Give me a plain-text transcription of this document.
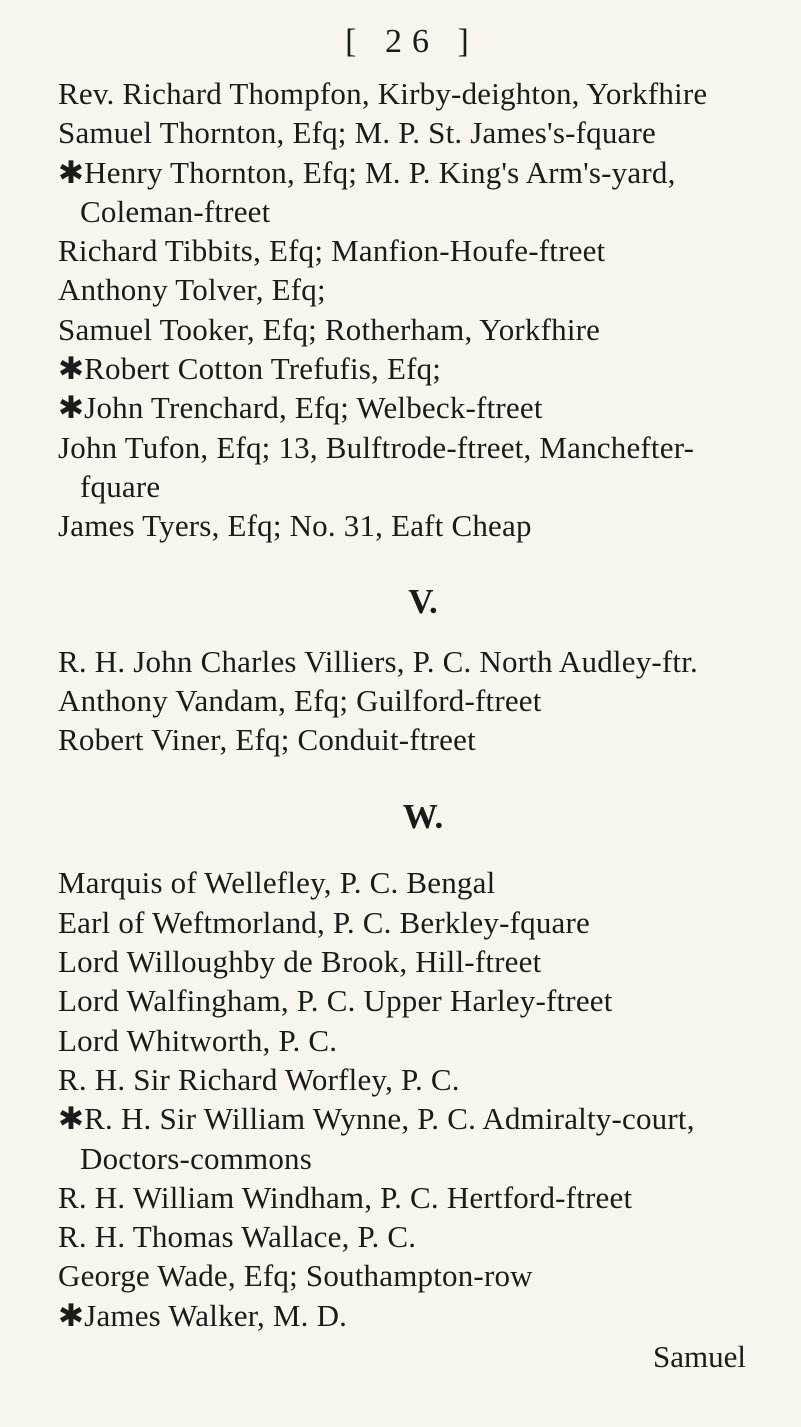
[ 26 ]
Rev. Richard Thompfon, Kirby-deighton, Yorkfhire
Samuel Thornton, Efq; M. P. St. James's-fquare
✱Henry Thornton, Efq; M. P. King's Arm's-yard,
Coleman-ftreet
Richard Tibbits, Efq; Manfion-Houfe-ftreet
Anthony Tolver, Efq;
Samuel Tooker, Efq; Rotherham, Yorkfhire
✱Robert Cotton Trefufis, Efq;
✱John Trenchard, Efq; Welbeck-ftreet
John Tufon, Efq; 13, Bulftrode-ftreet, Manchefter-
fquare
James Tyers, Efq; No. 31, Eaft Cheap
V.
R. H. John Charles Villiers, P. C. North Audley-ftr.
Anthony Vandam, Efq; Guilford-ftreet
Robert Viner, Efq; Conduit-ftreet
W.
Marquis of Wellefley, P. C. Bengal
Earl of Weftmorland, P. C. Berkley-fquare
Lord Willoughby de Brook, Hill-ftreet
Lord Walfingham, P. C. Upper Harley-ftreet
Lord Whitworth, P. C.
R. H. Sir Richard Worfley, P. C.
✱R. H. Sir William Wynne, P. C. Admiralty-court,
Doctors-commons
R. H. William Windham, P. C. Hertford-ftreet
R. H. Thomas Wallace, P. C.
George Wade, Efq; Southampton-row
✱James Walker, M. D.
Samuel
